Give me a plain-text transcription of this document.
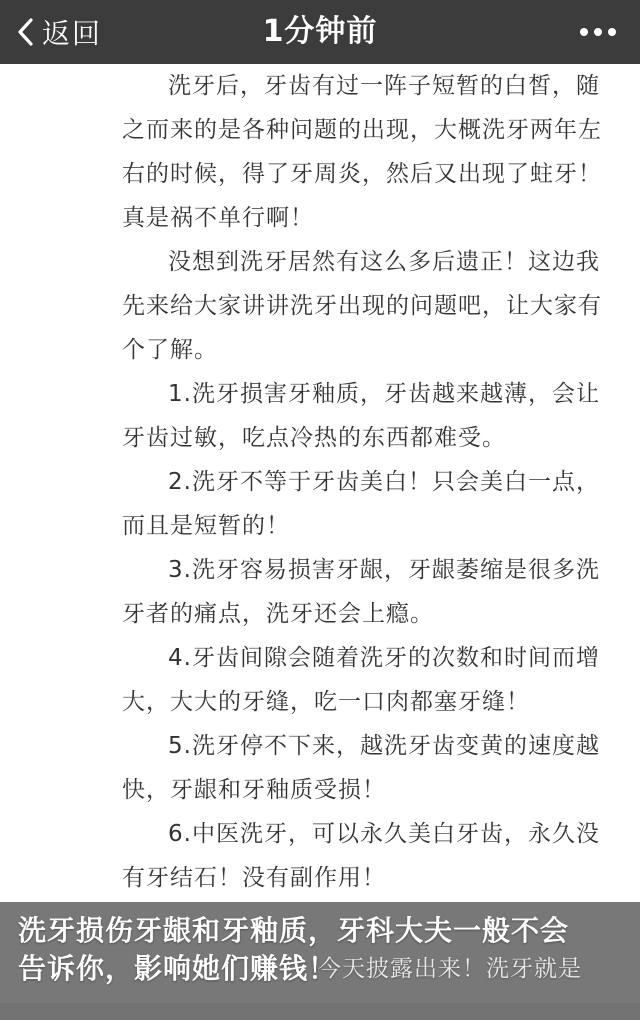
返回	1分钟前

洗牙后，牙齿有过一阵子短暂的白皙，随之而来的是各种问题的出现，大概洗牙两年左右的时候，得了牙周炎，然后又出现了蛀牙！真是祸不单行啊！

没想到洗牙居然有这么多后遗正！这边我先来给大家讲讲洗牙出现的问题吧，让大家有个了解。

1.洗牙损害牙釉质，牙齿越来越薄，会让牙齿过敏，吃点冷热的东西都难受。

2.洗牙不等于牙齿美白！只会美白一点，而且是短暂的！

3.洗牙容易损害牙龈，牙龈萎缩是很多洗牙者的痛点，洗牙还会上瘾。

4.牙齿间隙会随着洗牙的次数和时间而增大，大大的牙缝，吃一口肉都塞牙缝！

5.洗牙停不下来，越洗牙齿变黄的速度越快，牙龈和牙釉质受损！

6.中医洗牙，可以永久美白牙齿，永久没有牙结石！没有副作用！

洗牙损伤牙龈和牙釉质，牙科大夫一般不会
告诉你，影响她们赚钱！
今天披露出来！洗牙就是
